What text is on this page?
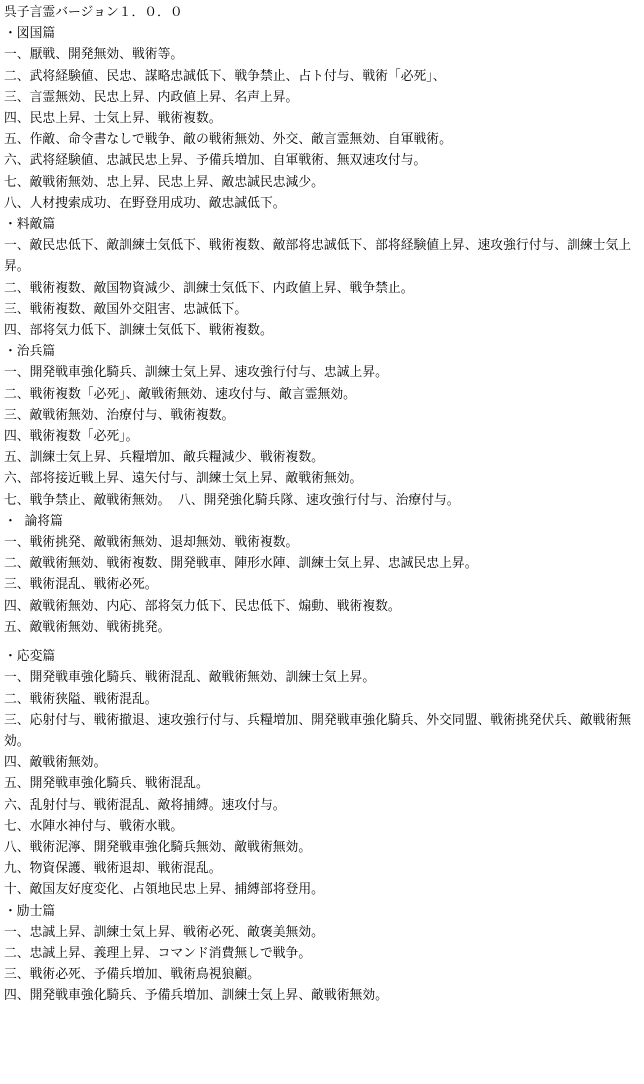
呉子言霊バージョン１．０．０
・図国篇
一、厭戦、開発無効、戦術等。
二、武将経験値、民忠、謀略忠誠低下、戦争禁止、占ト付与、戦術「必死」、
三、言霊無効、民忠上昇、内政値上昇、名声上昇。
四、民忠上昇、士気上昇、戦術複数。
五、作敵、命令書なしで戦争、敵の戦術無効、外交、敵言霊無効、自軍戦術。
六、武将経験値、忠誠民忠上昇、予備兵増加、自軍戦術、無双速攻付与。
七、敵戦術無効、忠上昇、民忠上昇、敵忠誠民忠減少。
八、人材捜索成功、在野登用成功、敵忠誠低下。
・料敵篇
一、敵民忠低下、敵訓練士気低下、戦術複数、敵部将忠誠低下、部将経験値上昇、速攻強行付与、訓練士気上昇。
二、戦術複数、敵国物資減少、訓練士気低下、内政値上昇、戦争禁止。
三、戦術複数、敵国外交阻害、忠誠低下。
四、部将気力低下、訓練士気低下、戦術複数。
・治兵篇
一、開発戦車強化騎兵、訓練士気上昇、速攻強行付与、忠誠上昇。
二、戦術複数「必死」、敵戦術無効、速攻付与、敵言霊無効。
三、敵戦術無効、治療付与、戦術複数。
四、戦術複数「必死」。
五、訓練士気上昇、兵糧増加、敵兵糧減少、戦術複数。
六、部将接近戦上昇、遠矢付与、訓練士気上昇、敵戦術無効。
七、戦争禁止、敵戦術無効。 八、開発強化騎兵隊、速攻強行付与、治療付与。
・ 論将篇
一、戦術挑発、敵戦術無効、退却無効、戦術複数。
二、敵戦術無効、戦術複数、開発戦車、陣形水陣、訓練士気上昇、忠誠民忠上昇。
三、戦術混乱、戦術必死。
四、敵戦術無効、内応、部将気力低下、民忠低下、煽動、戦術複数。
五、敵戦術無効、戦術挑発。
・応変篇
一、開発戦車強化騎兵、戦術混乱、敵戦術無効、訓練士気上昇。
二、戦術狭隘、戦術混乱。
三、応射付与、戦術撤退、速攻強行付与、兵糧増加、開発戦車強化騎兵、外交同盟、戦術挑発伏兵、敵戦術無効。
四、敵戦術無効。
五、開発戦車強化騎兵、戦術混乱。
六、乱射付与、戦術混乱、敵将捕縛。速攻付与。
七、水陣水神付与、戦術水戦。
八、戦術泥濘、開発戦車強化騎兵無効、敵戦術無効。
九、物資保護、戦術退却、戦術混乱。
十、敵国友好度変化、占領地民忠上昇、捕縛部将登用。
・励士篇
一、忠誠上昇、訓練士気上昇、戦術必死、敵褒美無効。
二、忠誠上昇、義理上昇、コマンド消費無しで戦争。
三、戦術必死、予備兵増加、戦術鳥視狼顧。
四、開発戦車強化騎兵、予備兵増加、訓練士気上昇、敵戦術無効。
